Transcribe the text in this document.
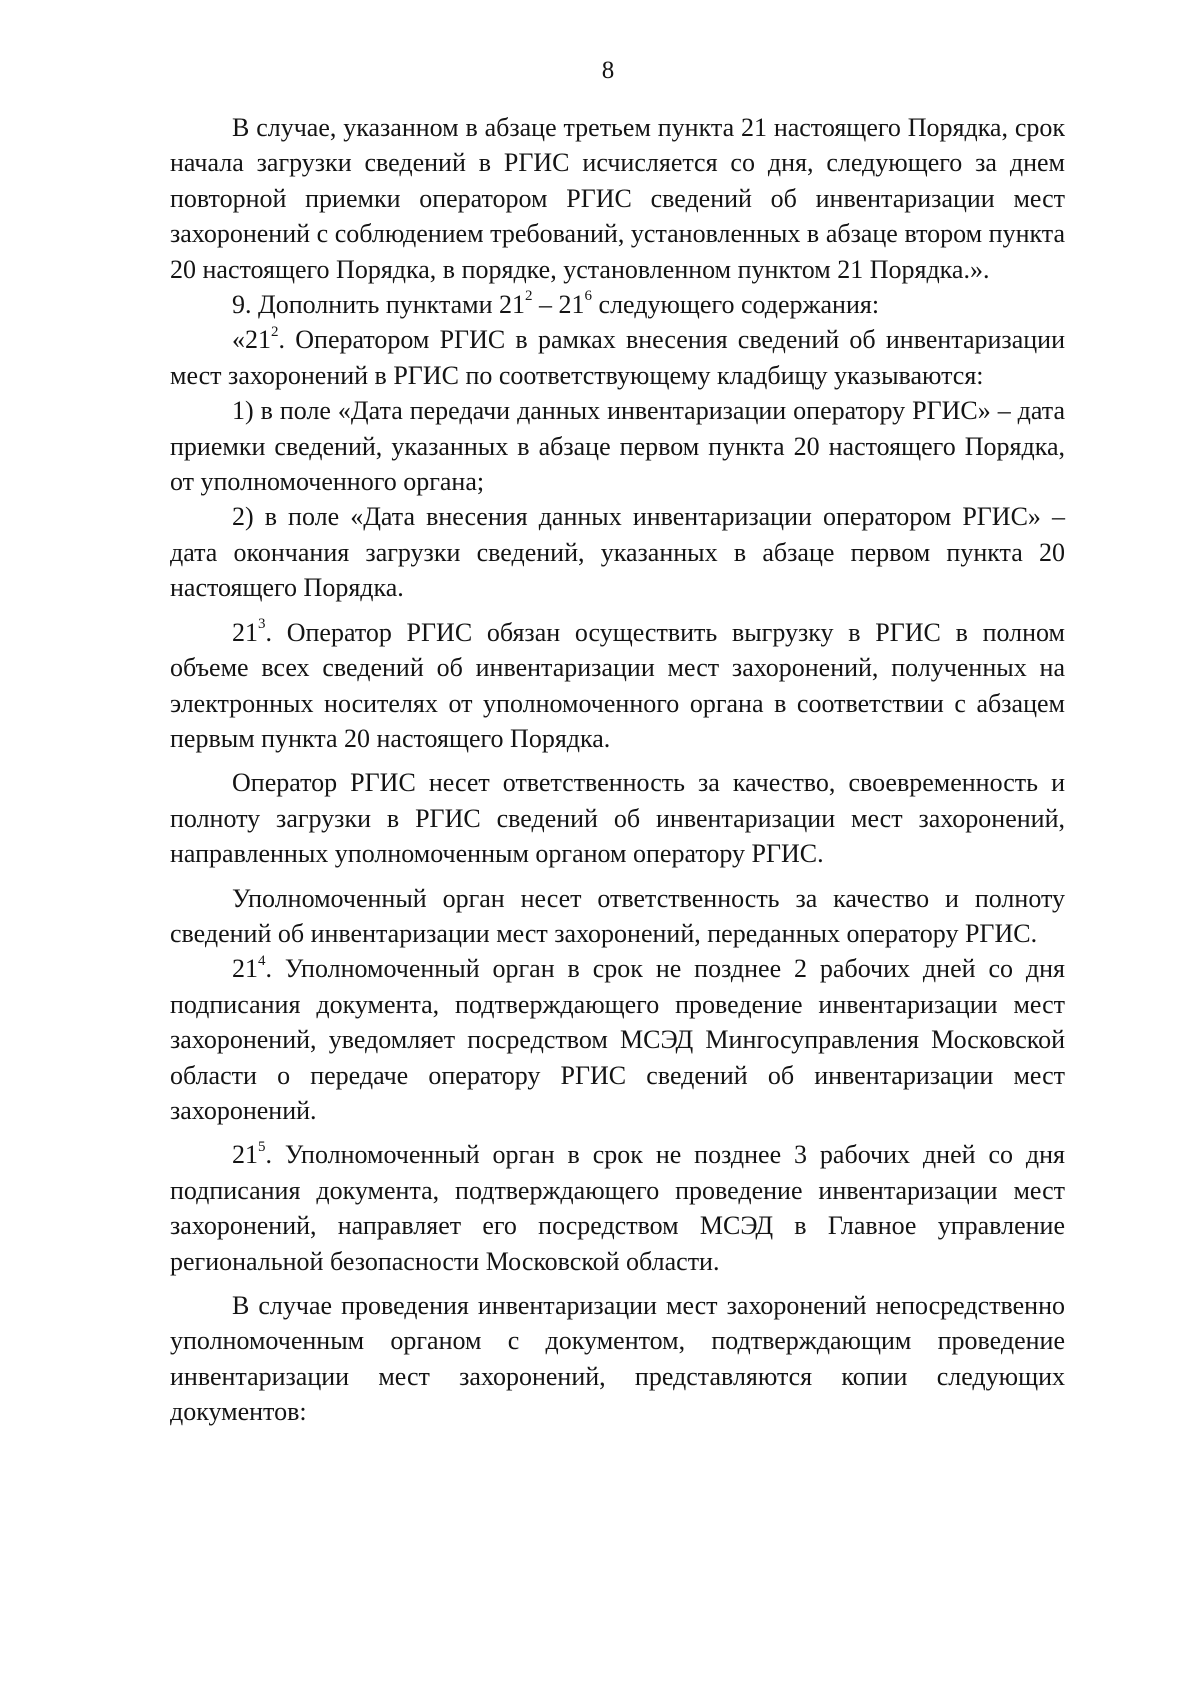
8

В случае, указанном в абзаце третьем пункта 21 настоящего Порядка, срок начала загрузки сведений в РГИС исчисляется со дня, следующего за днем повторной приемки оператором РГИС сведений об инвентаризации мест захоронений с соблюдением требований, установленных в абзаце втором пункта 20 настоящего Порядка, в порядке, установленном пунктом 21 Порядка.».

9. Дополнить пунктами $21^2 - 21^6$ следующего содержания:

«$21^2$. Оператором РГИС в рамках внесения сведений об инвентаризации мест захоронений в РГИС по соответствующему кладбищу указываются:

1) в поле «Дата передачи данных инвентаризации оператору РГИС» – дата приемки сведений, указанных в абзаце первом пункта 20 настоящего Порядка, от уполномоченного органа;

2) в поле «Дата внесения данных инвентаризации оператором РГИС» – дата окончания загрузки сведений, указанных в абзаце первом пункта 20 настоящего Порядка.

$21^3$. Оператор РГИС обязан осуществить выгрузку в РГИС в полном объеме всех сведений об инвентаризации мест захоронений, полученных на электронных носителях от уполномоченного органа в соответствии с абзацем первым пункта 20 настоящего Порядка.

Оператор РГИС несет ответственность за качество, своевременность и полноту загрузки в РГИС сведений об инвентаризации мест захоронений, направленных уполномоченным органом оператору РГИС.

Уполномоченный орган несет ответственность за качество и полноту сведений об инвентаризации мест захоронений, переданных оператору РГИС.

$21^4$. Уполномоченный орган в срок не позднее 2 рабочих дней со дня подписания документа, подтверждающего проведение инвентаризации мест захоронений, уведомляет посредством МСЭД Мингосуправления Московской области о передаче оператору РГИС сведений об инвентаризации мест захоронений.

$21^5$. Уполномоченный орган в срок не позднее 3 рабочих дней со дня подписания документа, подтверждающего проведение инвентаризации мест захоронений, направляет его посредством МСЭД в Главное управление региональной безопасности Московской области.

В случае проведения инвентаризации мест захоронений непосредственно уполномоченным органом с документом, подтверждающим проведение инвентаризации мест захоронений, представляются копии следующих документов:
